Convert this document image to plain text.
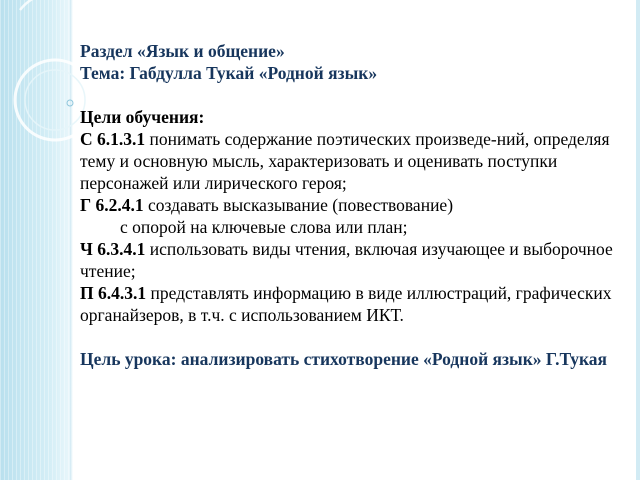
Раздел «Язык и общение»
Тема: Габдулла Тукай «Родной язык»
Цели обучения:
С 6.1.3.1 понимать содержание поэтических произведе-ний, определяя тему и основную мысль, характеризовать и оценивать поступки персонажей или лирического героя;
Г 6.2.4.1 создавать высказывание (повествование)
с опорой на ключевые слова или план;
Ч 6.3.4.1 использовать виды чтения, включая изучающее и выборочное чтение;
П 6.4.3.1 представлять информацию в виде иллюстраций, графических органайзеров, в т.ч. с использованием ИКТ.
Цель урока: анализировать стихотворение «Родной язык» Г.Тукая
